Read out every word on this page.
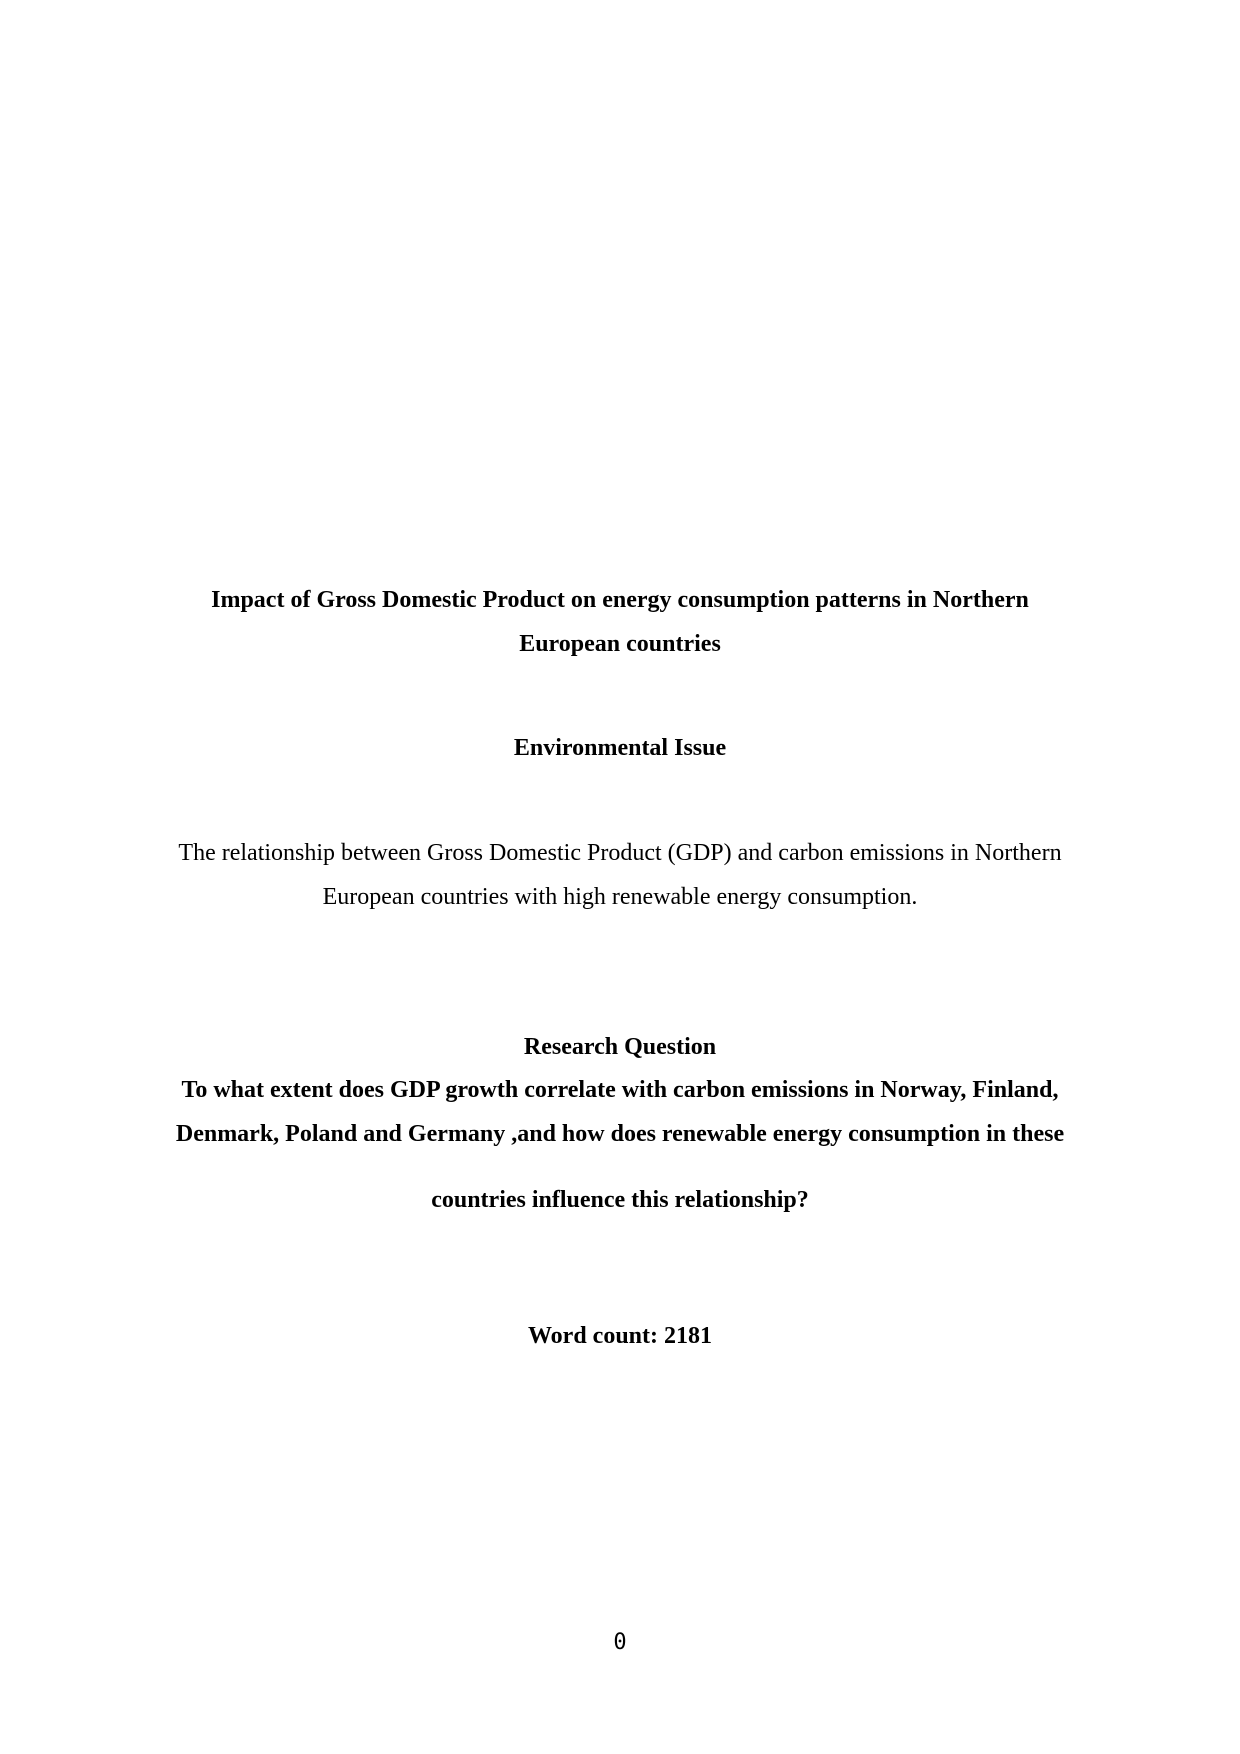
Impact of Gross Domestic Product on energy consumption patterns in Northern
European countries
Environmental Issue
The relationship between Gross Domestic Product (GDP) and carbon emissions in Northern
European countries with high renewable energy consumption.
Research Question
To what extent does GDP growth correlate with carbon emissions in Norway, Finland,
Denmark, Poland and Germany ,and how does renewable energy consumption in these
countries influence this relationship?
Word count: 2181
0
